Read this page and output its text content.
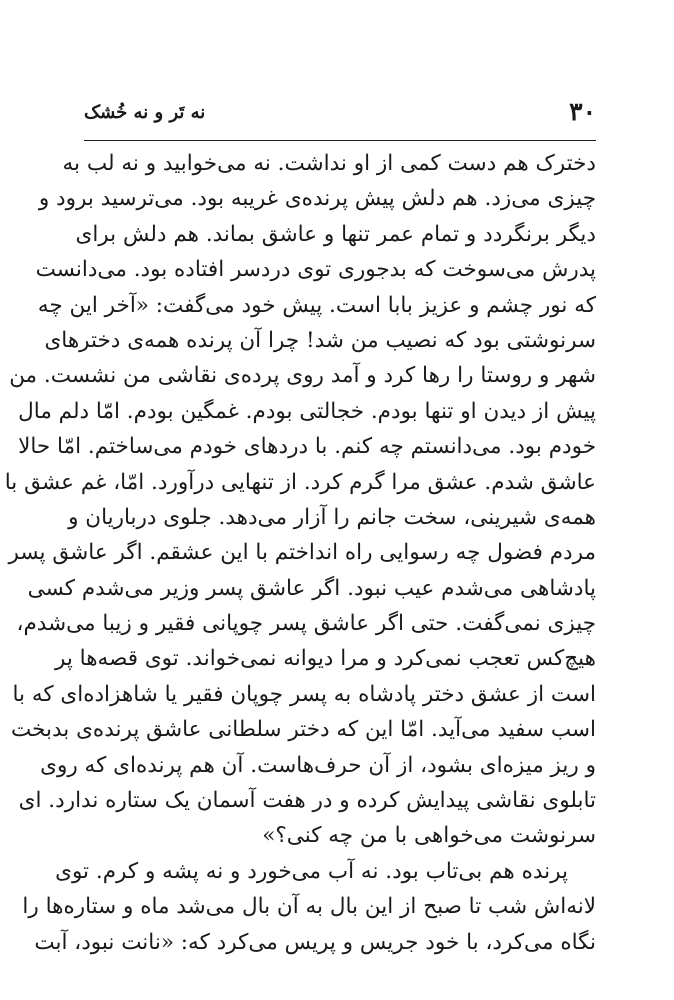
۳۰
نه تَر و نه خُشک
دخترک هم دست کمی از او نداشت. نه می‌خوابید و نه لب به
چیزی می‌زد. هم دلش پیش پرنده‌ی غریبه بود. می‌ترسید برود و
دیگر برنگردد و تمام عمر تنها و عاشق بماند. هم دلش برای
پدرش می‌سوخت که بدجوری توی دردسر افتاده بود. می‌دانست
که نور چشم و عزیز بابا است. پیش خود می‌گفت: «آخر این چه
سرنوشتی بود که نصیب من شد! چرا آن پرنده همه‌ی دخترهای
شهر و روستا را رها کرد و آمد روی پرده‌ی نقاشی من نشست. من
پیش از دیدن او تنها بودم. خجالتی بودم. غمگین بودم. امّا دلم مال
خودم بود. می‌دانستم چه کنم. با دردهای خودم می‌ساختم. امّا حالا
عاشق شدم. عشق مرا گرم کرد. از تنهایی درآورد. امّا، غم عشق با
همه‌ی شیرینی، سخت جانم را آزار می‌دهد. جلوی درباریان و
مردم فضول چه رسوایی راه انداختم با این عشقم. اگر عاشق پسر
پادشاهی می‌شدم عیب نبود. اگر عاشق پسر وزیر می‌شدم کسی
چیزی نمی‌گفت. حتی اگر عاشق پسر چوپانی فقیر و زیبا می‌شدم،
هیچ‌کس تعجب نمی‌کرد و مرا دیوانه نمی‌خواند. توی قصه‌ها پر
است از عشق دختر پادشاه به پسر چوپان فقیر یا شاهزاده‌ای که با
اسب سفید می‌آید. امّا این که دختر سلطانی عاشق پرنده‌ی بدبخت
و ریز میزه‌ای بشود، از آن حرف‌هاست. آن هم پرنده‌ای که روی
تابلوی نقاشی پیدایش کرده و در هفت آسمان یک ستاره ندارد. ای
سرنوشت می‌خواهی با من چه کنی؟»
پرنده هم بی‌تاب بود. نه آب می‌خورد و نه پشه و کرم. توی
لانه‌اش شب تا صبح از این بال به آن بال می‌شد ماه و ستاره‌ها را
نگاه می‌کرد، با خود جریس و پریس می‌کرد که: «نانت نبود، آبت
